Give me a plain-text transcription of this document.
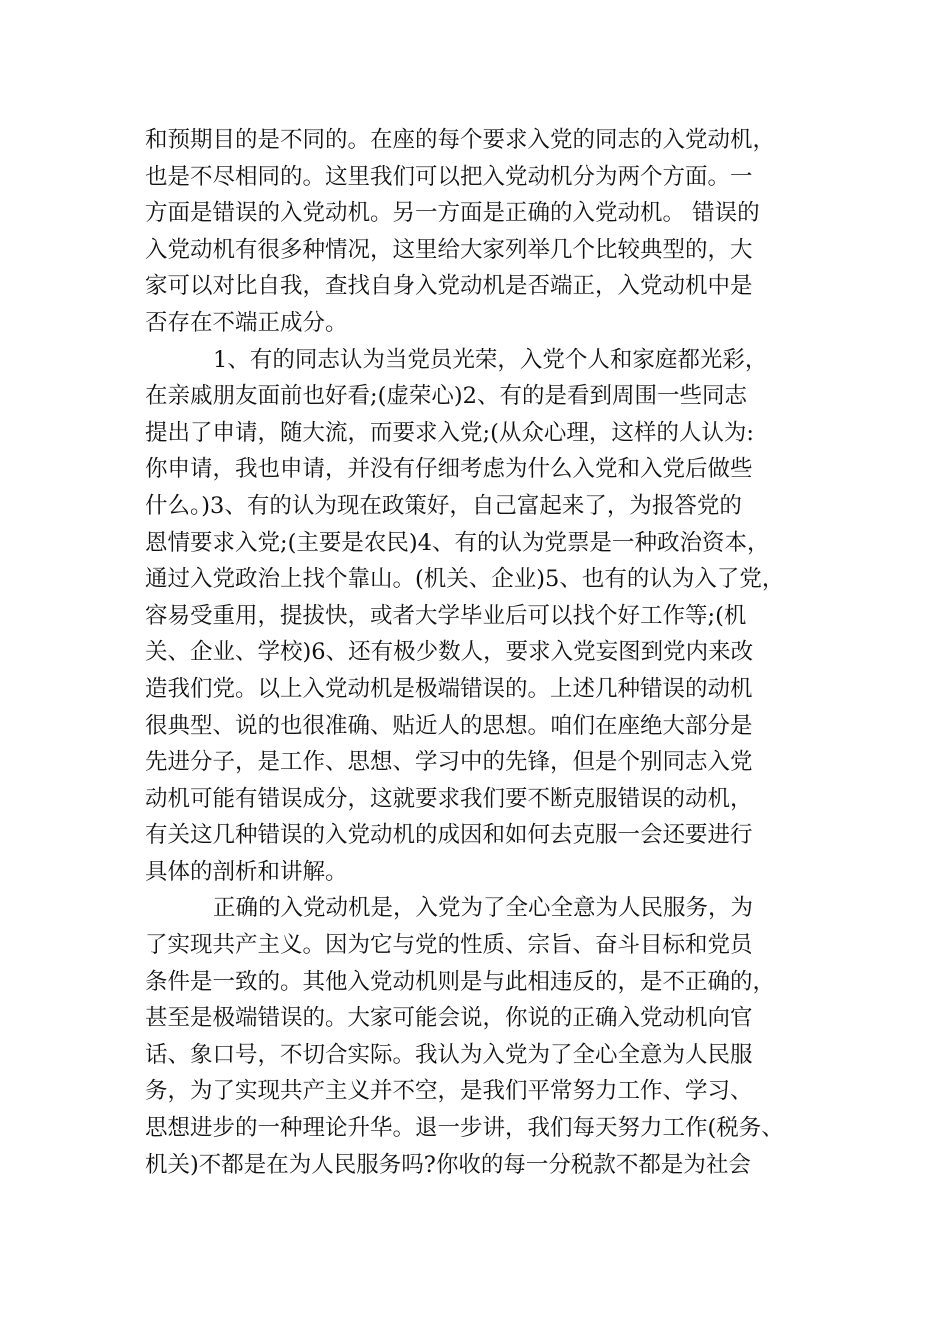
和预期目的是不同的。在座的每个要求入党的同志的入党动机，
也是不尽相同的。这里我们可以把入党动机分为两个方面。一
方面是错误的入党动机。另一方面是正确的入党动机。 错误的
入党动机有很多种情况，这里给大家列举几个比较典型的，大
家可以对比自我，查找自身入党动机是否端正，入党动机中是
否存在不端正成分。
1、有的同志认为当党员光荣，入党个人和家庭都光彩，
在亲戚朋友面前也好看;(虚荣心)2、有的是看到周围一些同志
提出了申请，随大流，而要求入党;(从众心理，这样的人认为:
你申请，我也申请，并没有仔细考虑为什么入党和入党后做些
什么。)3、有的认为现在政策好，自己富起来了，为报答党的
恩情要求入党;(主要是农民)4、有的认为党票是一种政治资本，
通过入党政治上找个靠山。(机关、企业)5、也有的认为入了党，
容易受重用，提拔快，或者大学毕业后可以找个好工作等;(机
关、企业、学校)6、还有极少数人，要求入党妄图到党内来改
造我们党。以上入党动机是极端错误的。上述几种错误的动机
很典型、说的也很准确、贴近人的思想。咱们在座绝大部分是
先进分子，是工作、思想、学习中的先锋，但是个别同志入党
动机可能有错误成分，这就要求我们要不断克服错误的动机，
有关这几种错误的入党动机的成因和如何去克服一会还要进行
具体的剖析和讲解。
正确的入党动机是，入党为了全心全意为人民服务，为
了实现共产主义。因为它与党的性质、宗旨、奋斗目标和党员
条件是一致的。其他入党动机则是与此相违反的，是不正确的，
甚至是极端错误的。大家可能会说，你说的正确入党动机向官
话、象口号，不切合实际。我认为入党为了全心全意为人民服
务，为了实现共产主义并不空，是我们平常努力工作、学习、
思想进步的一种理论升华。退一步讲，我们每天努力工作(税务、
机关)不都是在为人民服务吗?你收的每一分税款不都是为社会
